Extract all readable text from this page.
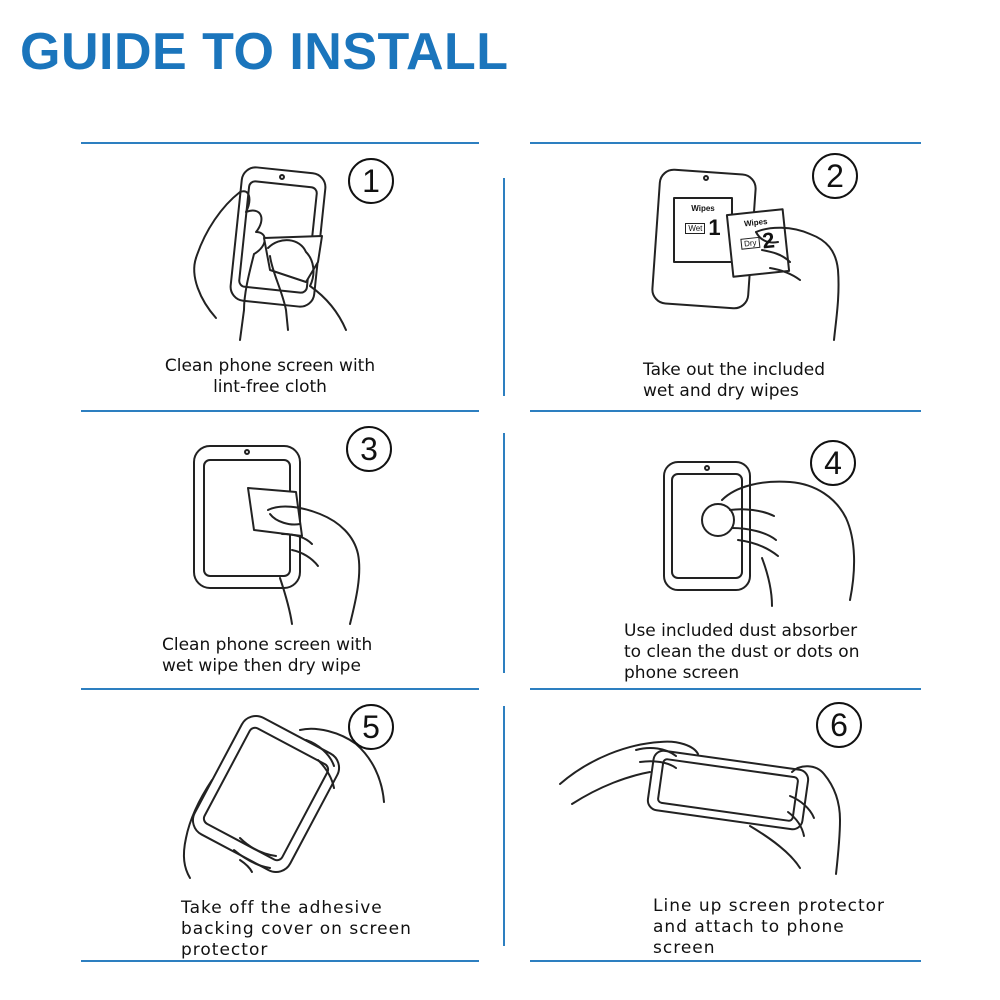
GUIDE TO INSTALL
1
Clean phone screen with
lint-free cloth
Wipes
Wet 1	Wipes
Dry 2
2
Take out the included
wet and dry wipes
3
Clean phone screen with
wet wipe then dry wipe
4
Use included dust absorber
to clean the dust or dots on
phone screen
5
Take off the adhesive
backing cover on screen
protector
6
Line up screen protector
and attach to phone
screen
